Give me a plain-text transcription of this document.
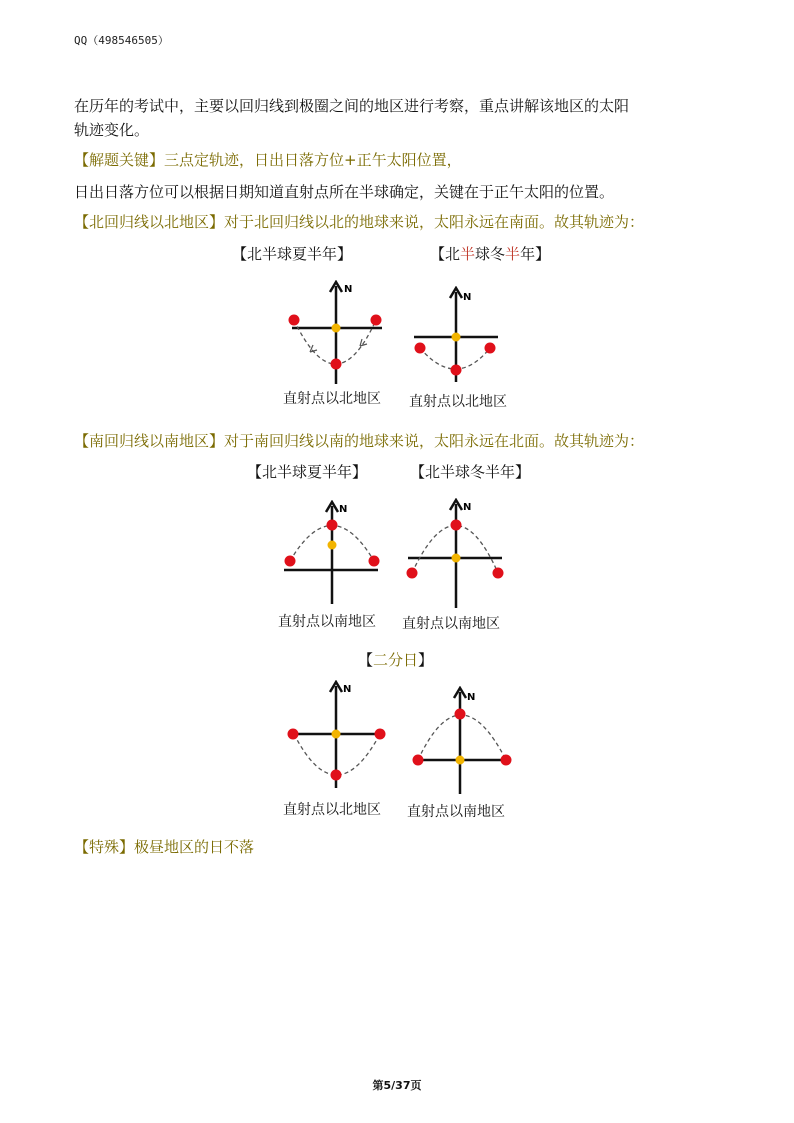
QQ（498546505）
在历年的考试中，主要以回归线到极圈之间的地区进行考察，重点讲解该地区的太阳
轨迹变化。
【解题关键】三点定轨迹，日出日落方位+正午太阳位置，
日出日落方位可以根据日期知道直射点所在半球确定，关键在于正午太阳的位置。
【北回归线以北地区】对于北回归线以北的地球来说，太阳永远在南面。故其轨迹为：
【北半球夏半年】	【北半球冬半年】
N
直射点以北地区
N
直射点以北地区
【南回归线以南地区】对于南回归线以南的地球来说，太阳永远在北面。故其轨迹为：
【北半球夏半年】	【北半球冬半年】
N
直射点以南地区
N
直射点以南地区
【二分日】
N
直射点以北地区
N
直射点以南地区
【特殊】极昼地区的日不落
第5/37页
